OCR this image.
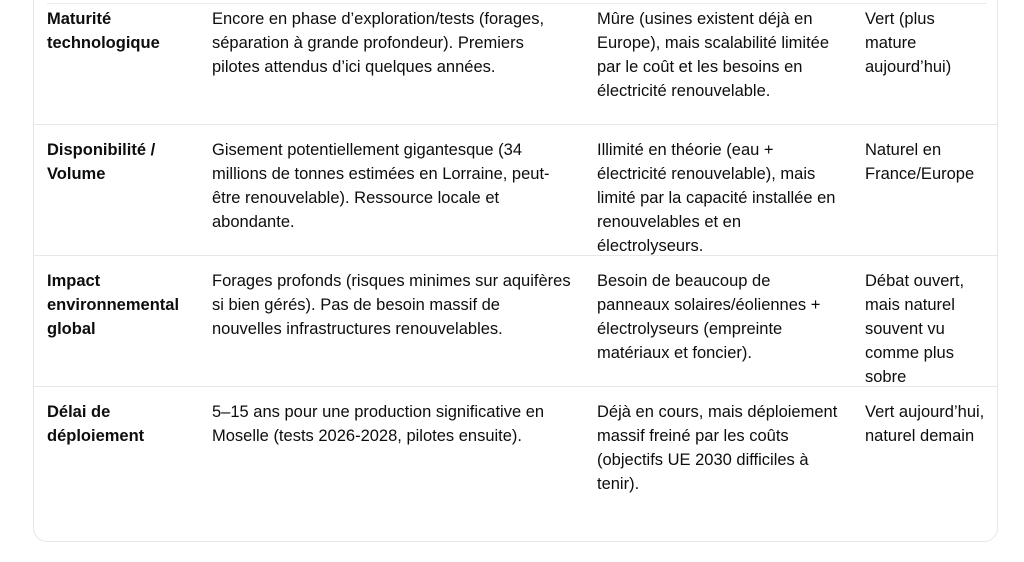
Maturité technologique	Encore en phase d’exploration/tests (forages, séparation à grande profondeur). Premiers pilotes attendus d’ici quelques années.	Mûre (usines existent déjà en Europe), mais scalabilité limitée par le coût et les besoins en électricité renouvelable.	Vert (plus mature aujourd’hui)

Disponibilité / Volume	Gisement potentiellement gigantesque (34 millions de tonnes estimées en Lorraine, peut-être renouvelable). Ressource locale et abondante.	Illimité en théorie (eau + électricité renouvelable), mais limité par la capacité installée en renouvelables et en électrolyseurs.	Naturel en France/Europe

Impact environnemental global	Forages profonds (risques minimes sur aquifères si bien gérés). Pas de besoin massif de nouvelles infrastructures renouvelables.	Besoin de beaucoup de panneaux solaires/éoliennes + électrolyseurs (empreinte matériaux et foncier).	Débat ouvert, mais naturel souvent vu comme plus sobre

Délai de déploiement	5–15 ans pour une production significative en Moselle (tests 2026-2028, pilotes ensuite).	Déjà en cours, mais déploiement massif freiné par les coûts (objectifs UE 2030 difficiles à tenir).	Vert aujourd’hui, naturel demain
